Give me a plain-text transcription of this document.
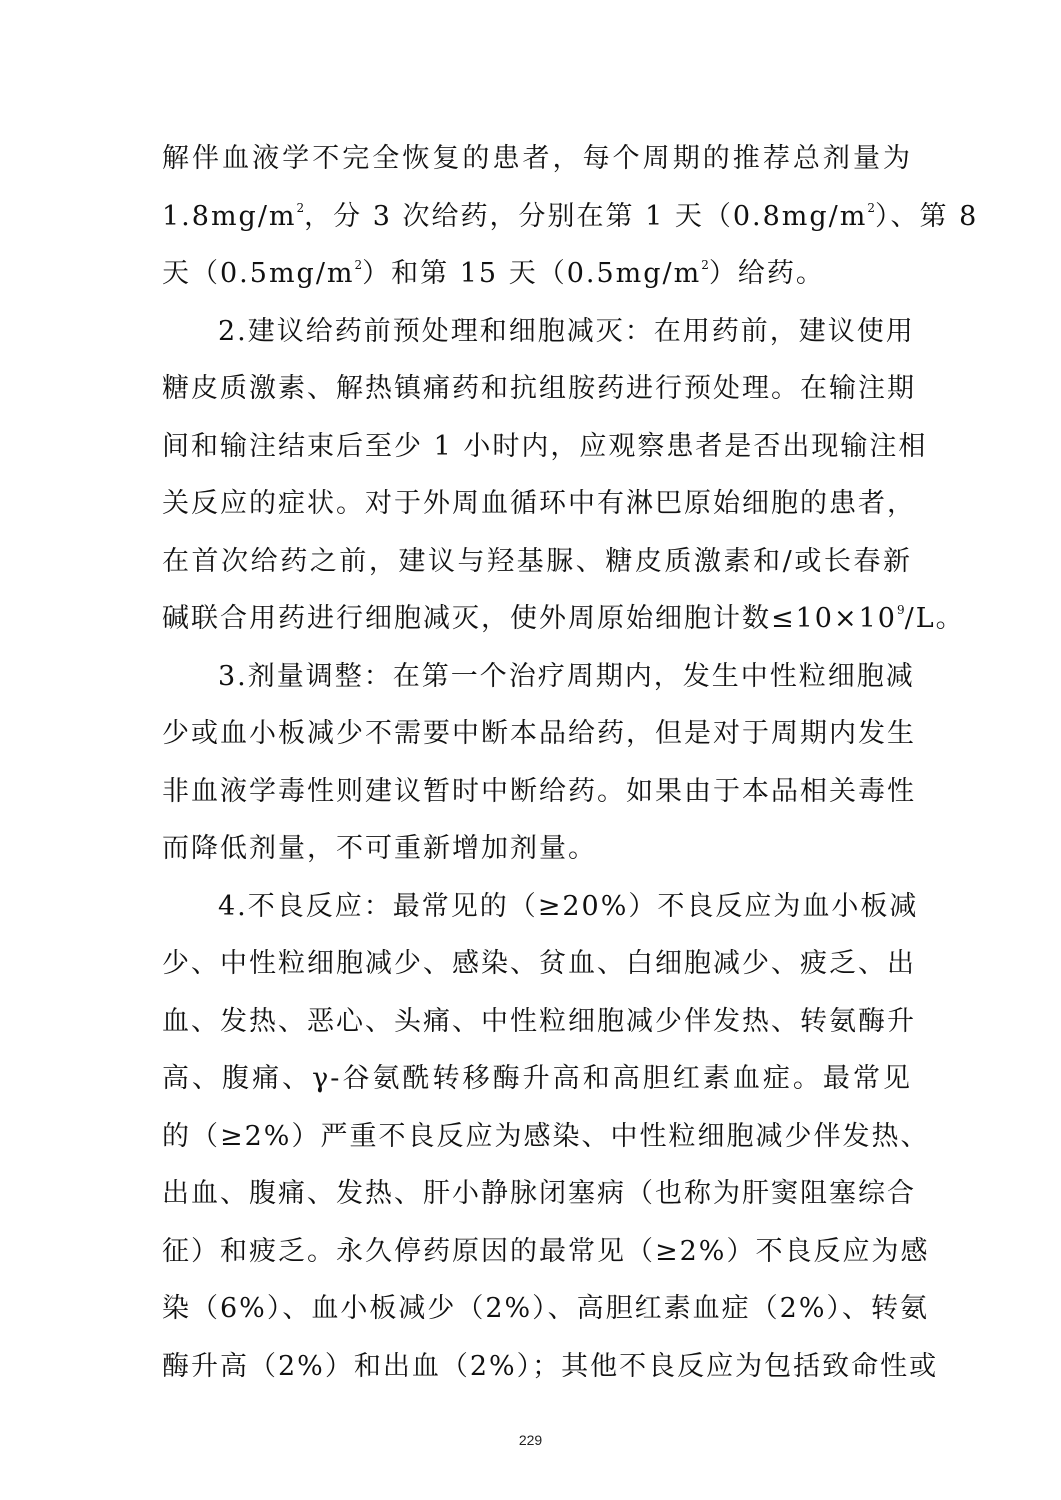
解伴血液学不完全恢复的患者，每个周期的推荐总剂量为
$1.8mg/m^2$，分 3 次给药，分别在第 1 天$(0.8mg/m^2)$、第 8
天$(0.5mg/m^2)$和第 15 天$(0.5mg/m^2)$给药。
2.建议给药前预处理和细胞减灭：在用药前，建议使用
糖皮质激素、解热镇痛药和抗组胺药进行预处理。在输注期
间和输注结束后至少 1 小时内，应观察患者是否出现输注相
关反应的症状。对于外周血循环中有淋巴原始细胞的患者，
在首次给药之前，建议与羟基脲、糖皮质激素和/或长春新
碱联合用药进行细胞减灭，使外周原始细胞计数$\le 10\times 10^9/L$。
3.剂量调整：在第一个治疗周期内，发生中性粒细胞减
少或血小板减少不需要中断本品给药，但是对于周期内发生
非血液学毒性则建议暂时中断给药。如果由于本品相关毒性
而降低剂量，不可重新增加剂量。
4.不良反应：最常见的（≥20%）不良反应为血小板减
少、中性粒细胞减少、感染、贫血、白细胞减少、疲乏、出
血、发热、恶心、头痛、中性粒细胞减少伴发热、转氨酶升
高、腹痛、γ-谷氨酰转移酶升高和高胆红素血症。最常见
的（≥2%）严重不良反应为感染、中性粒细胞减少伴发热、
出血、腹痛、发热、肝小静脉闭塞病（也称为肝窦阻塞综合
征）和疲乏。永久停药原因的最常见（≥2%）不良反应为感
染（6%）、血小板减少（2%）、高胆红素血症（2%）、转氨
酶升高（2%）和出血（2%）；其他不良反应为包括致命性或
229
